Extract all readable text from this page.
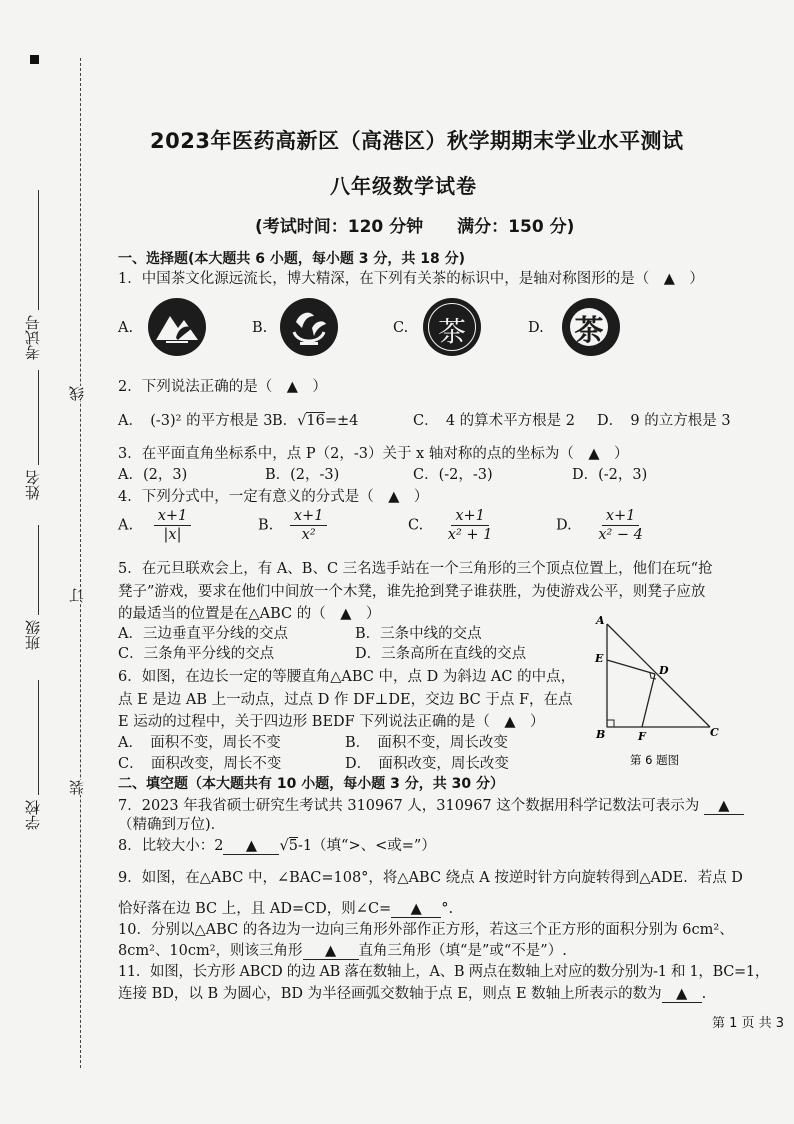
线
订
装
考试号
姓名
班级
学校
2023年医药高新区（高港区）秋学期期末学业水平测试
八年级数学试卷
(考试时间：120 分钟　　满分：150 分)
一、选择题(本大题共 6 小题，每小题 3 分，共 18 分)
1．中国茶文化源远流长，博大精深，在下列有关茶的标识中，是轴对称图形的是（　▲　）
A.	B.	C.	茶	D. 茶
2．下列说法正确的是（　▲　）
A．　(-3)² 的平方根是 3 B．√16=±4	C．　4 的算术平方根是 2 D．　9 的立方根是 3
3．在平面直角坐标系中，点 P（2，-3）关于 x 轴对称的点的坐标为（　▲　）
A．(2，3)	B．(2，-3)	C．(-2，-3)	D．(-2，3)
4．下列分式中，一定有意义的分式是（　▲　）
A. $\frac{x+1}{|x|}$	B. $\frac{x+1}{\text{x²}}$	C. $\frac{x+1}{\text{x² + 1}}$	D. $\frac{x+1}{\text{x² − 4}}$
5．在元旦联欢会上，有 A、B、C 三名选手站在一个三角形的三个顶点位置上，他们在玩“抢
凳子”游戏，要求在他们中间放一个木凳，谁先抢到凳子谁获胜，为使游戏公平，则凳子应放
的最适当的位置是在△ABC 的（　▲　）
A．三边垂直平分线的交点	B．三条中线的交点
C．三条角平分线的交点	D．三条高所在直线的交点
6．如图，在边长一定的等腰直角△ABC 中，点 D 为斜边 AC 的中点，
点 E 是边 AB 上一动点，过点 D 作 DF⊥DE，交边 BC 于点 F，在点
E 运动的过程中，关于四边形 BEDF 下列说法正确的是（　▲　）
A．　面积不变，周长不变	B．　面积不变，周长改变
C．　面积改变，周长不变	D．　面积改变，周长改变
A
E
D
B	F	C
第 6 题图
二、填空题（本大题共有 10 小题，每小题 3 分，共 30 分）
7．2023 年我省硕士研究生考试共 310967 人，310967 这个数据用科学记数法可表示为 ▲
（精确到万位)．
8．比较大小：2 ▲ √5-1（填“>、<或=”）
9．如图，在△ABC 中，∠BAC=108°，将△ABC 绕点 A 按逆时针方向旋转得到△ADE．若点 D
恰好落在边 BC 上，且 AD=CD，则∠C= ▲ °.
10．分别以△ABC 的各边为一边向三角形外部作正方形，若这三个正方形的面积分别为 6cm²、
8cm²、10cm²，则该三角形 ▲ 直角三角形（填“是”或“不是”）.
11．如图，长方形 ABCD 的边 AB 落在数轴上，A、B 两点在数轴上对应的数分别为-1 和 1，BC=1，
连接 BD，以 B 为圆心，BD 为半径画弧交数轴于点 E，则点 E 数轴上所表示的数为 ▲ .
第 1 页 共 3
